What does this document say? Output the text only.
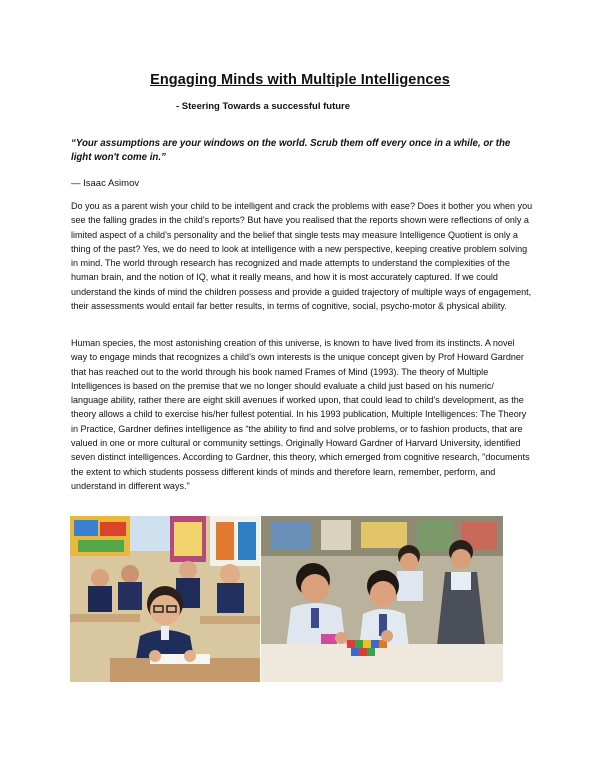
Engaging Minds with Multiple Intelligences
- Steering Towards a successful future
“Your assumptions are your windows on the world. Scrub them off every once in a while, or the light won't come in.”
— Isaac Asimov

Do you as a parent wish your child to be intelligent and crack the problems with ease? Does it bother you when you see the falling grades in the child’s reports? But have you realised that the reports shown were reflections of only a limited aspect of a child’s personality and the belief that single tests may measure Intelligence Quotient is only a thing of the past? Yes, we do need to look at intelligence with a new perspective, keeping creative problem solving in mind. The world through research has recognized and made attempts to understand the complexities of the human brain, and the notion of IQ, what it really means, and how it is most accurately captured. If we could understand the kinds of mind the children possess and provide a guided trajectory of multiple ways of engagement, their assessments would entail far better results, in terms of cognitive, social, psycho-motor & physical ability.

Human species, the most astonishing creation of this universe, is known to have lived from its instincts. A novel way to engage minds that recognizes a child’s own interests is the unique concept given by Prof Howard Gardner that has reached out to the world through his book named Frames of Mind (1993). The theory of Multiple Intelligences is based on the premise that we no longer should evaluate a child just based on his numeric/ language ability, rather there are eight skill avenues if worked upon, that could lead to child’s development, as the theory allows a child to exercise his/her fullest potential. In his 1993 publication, Multiple Intelligences: The Theory in Practice, Gardner defines intelligence as “the ability to find and solve problems, or to fashion products, that are valued in one or more cultural or community settings. Originally Howard Gardner of Harvard University, identified seven distinct intelligences. According to Gardner, this theory, which emerged from cognitive research, "documents the extent to which students possess different kinds of minds and therefore learn, remember, perform, and understand in different ways."
